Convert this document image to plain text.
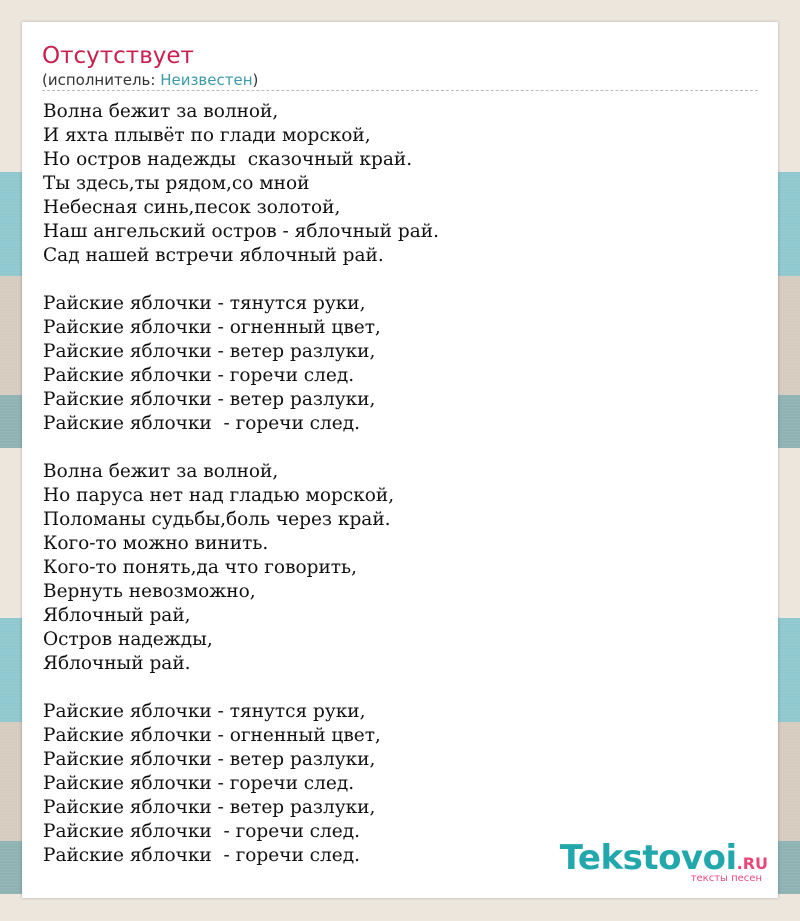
Отсутствует
(исполнитель: Неизвестен)
Волна бежит за волной,
И яхта плывёт по глади морской,
Но остров надежды  сказочный край.
Ты здесь,ты рядом,со мной
Небесная синь,песок золотой,
Наш ангельский остров - яблочный рай.
Сад нашей встречи яблочный рай.
Райские яблочки - тянутся руки,
Райские яблочки - огненный цвет,
Райские яблочки - ветер разлуки,
Райские яблочки - горечи след.
Райские яблочки - ветер разлуки,
Райские яблочки  - горечи след.
Волна бежит за волной,
Но паруса нет над гладью морской,
Поломаны судьбы,боль через край.
Кого-то можно винить.
Кого-то понять,да что говорить,
Вернуть невозможно,
Яблочный рай,
Остров надежды,
Яблочный рай.
Райские яблочки - тянутся руки,
Райские яблочки - огненный цвет,
Райские яблочки - ветер разлуки,
Райские яблочки - горечи след.
Райские яблочки - ветер разлуки,
Райские яблочки  - горечи след.
Райские яблочки  - горечи след.	Tekstovoi.RU
тексты песен
